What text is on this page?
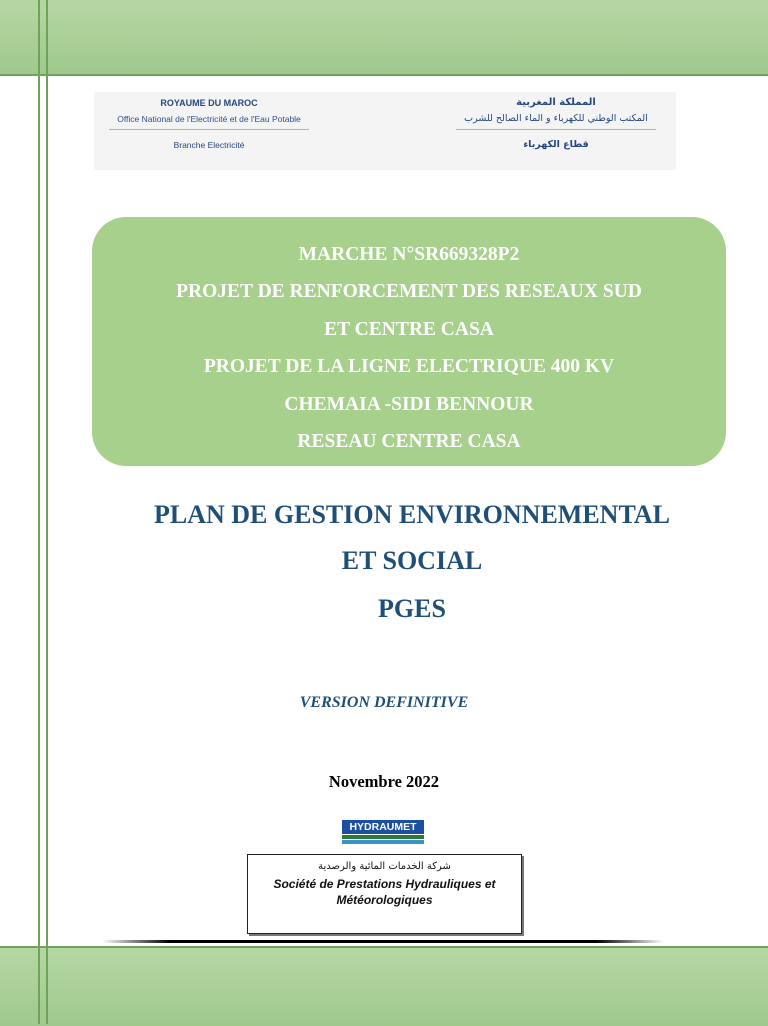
ROYAUME DU MAROC
Office National de l'Electricité et de l'Eau Potable
Branche Electricité
المملكة المغربية
المكتب الوطني للكهرباء و الماء الصالح للشرب
قطاع الكهرباء
MARCHE N°SR669328P2
PROJET DE RENFORCEMENT DES RESEAUX SUD
ET CENTRE CASA
PROJET DE LA LIGNE ELECTRIQUE 400 KV
CHEMAIA -SIDI BENNOUR
RESEAU CENTRE CASA
PLAN DE GESTION ENVIRONNEMENTAL
ET SOCIAL
PGES
VERSION DEFINITIVE
Novembre 2022
HYDRAUMET
شركة الخدمات المائية والرصدية
Société de Prestations Hydrauliques et
Météorologiques
